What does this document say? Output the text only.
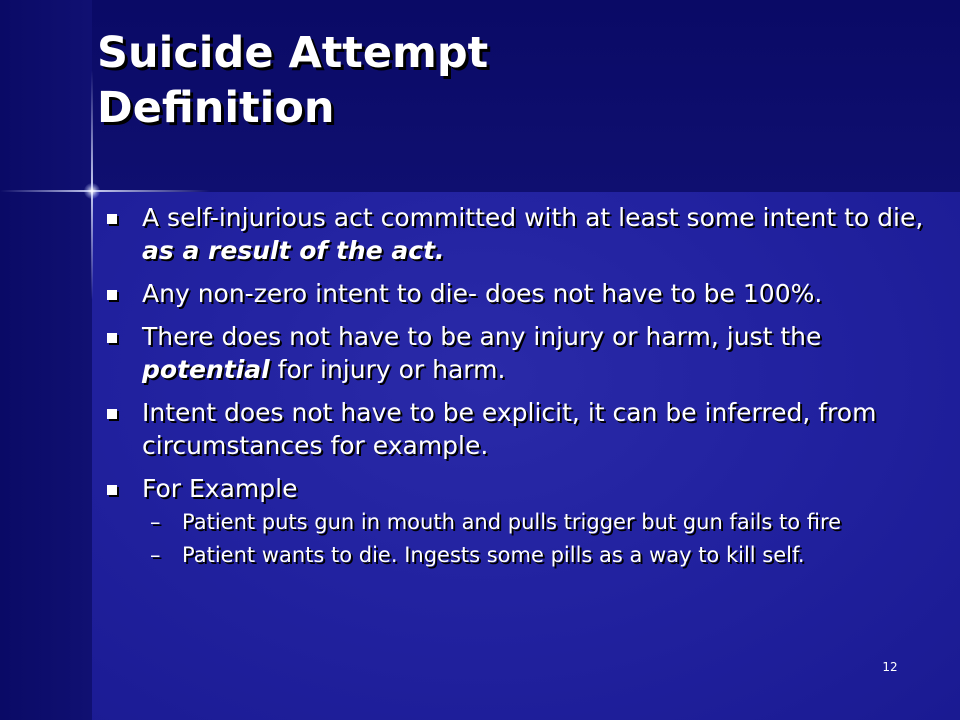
Suicide Attempt
Definition
A self-injurious act committed with at least some intent to die, as a result of the act.
Any non-zero intent to die- does not have to be 100%.
There does not have to be any injury or harm, just the potential for injury or harm.
Intent does not have to be explicit, it can be inferred, from circumstances for example.
For Example
– Patient puts gun in mouth and pulls trigger but gun fails to fire
– Patient wants to die. Ingests some pills as a way to kill self.
12
